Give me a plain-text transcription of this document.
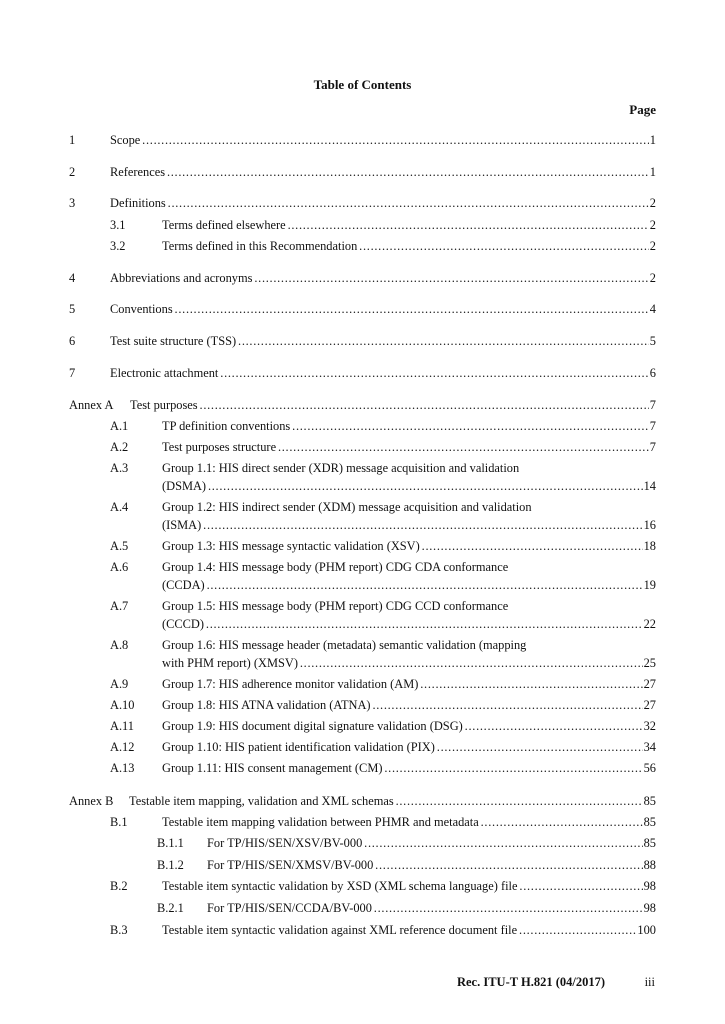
Table of Contents
Page
1	Scope . . .	1
2	References . . .	1
3	Definitions . . .	2
3.1	Terms defined elsewhere . . .	2
3.2	Terms defined in this Recommendation . . .	2
4	Abbreviations and acronyms . . .	2
5	Conventions . . .	4
6	Test suite structure (TSS) . . .	5
7	Electronic attachment . . .	6
Annex A Test purposes . . .	7
A.1	TP definition conventions . . .	7
A.2	Test purposes structure . . .	7
A.3	Group 1.1: HIS direct sender (XDR) message acquisition and validation
(DSMA) . . .	14
A.4	Group 1.2: HIS indirect sender (XDM) message acquisition and validation
(ISMA) . . .	16
A.5	Group 1.3: HIS message syntactic validation (XSV) . . .	18
A.6	Group 1.4: HIS message body (PHM report) CDG CDA conformance
(CCDA) . . .	19
A.7	Group 1.5: HIS message body (PHM report) CDG CCD conformance
(CCCD) . . .	22
A.8	Group 1.6: HIS message header (metadata) semantic validation (mapping
with PHM report) (XMSV) . . .	25
A.9	Group 1.7: HIS adherence monitor validation (AM) . . .	27
A.10 Group 1.8: HIS ATNA validation (ATNA) . . .	27
A.11 Group 1.9: HIS document digital signature validation (DSG) . . .	32
A.12 Group 1.10: HIS patient identification validation (PIX) . . .	34
A.13 Group 1.11: HIS consent management (CM) . . .	56
Annex B Testable item mapping, validation and XML schemas . . .	85
B.1	Testable item mapping validation between PHMR and metadata . . .	85
B.1.1 For TP/HIS/SEN/XSV/BV-000 . . .	85
B.1.2 For TP/HIS/SEN/XMSV/BV-000 . . .	88
B.2	Testable item syntactic validation by XSD (XML schema language) file . . .	98
B.2.1 For TP/HIS/SEN/CCDA/BV-000 . . .	98
B.3	Testable item syntactic validation against XML reference document file . . .	100
Rec. ITU-T H.821 (04/2017)	iii
